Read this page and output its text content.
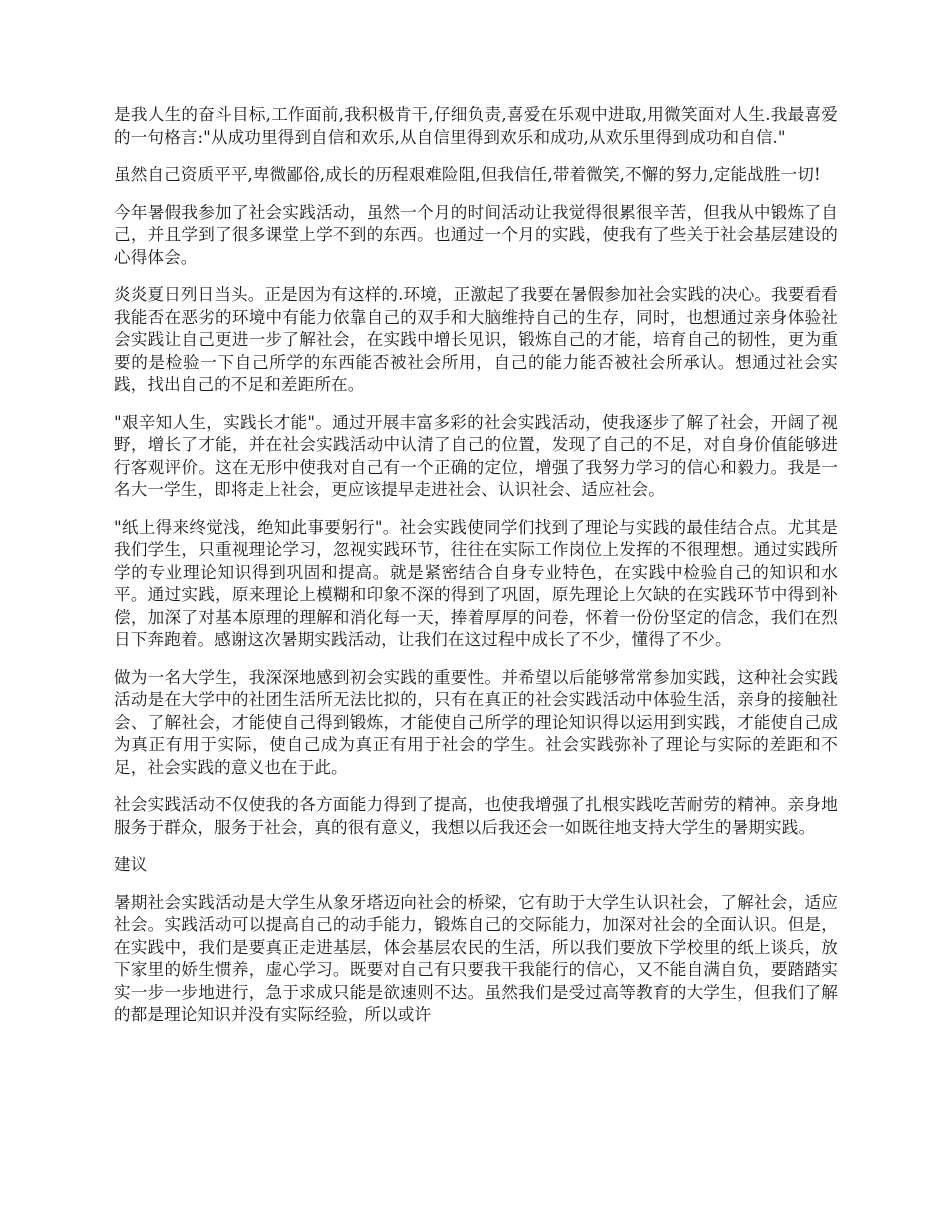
是我人生的奋斗目标,工作面前,我积极肯干,仔细负责,喜爱在乐观中进取,用微笑面对人生.我最喜爱的一句格言:"从成功里得到自信和欢乐,从自信里得到欢乐和成功,从欢乐里得到成功和自信."

虽然自己资质平平,卑微鄙俗,成长的历程艰难险阻,但我信任,带着微笑,不懈的努力,定能战胜一切!

今年暑假我参加了社会实践活动，虽然一个月的时间活动让我觉得很累很辛苦，但我从中锻炼了自己，并且学到了很多课堂上学不到的东西。也通过一个月的实践，使我有了些关于社会基层建设的心得体会。

炎炎夏日列日当头。正是因为有这样的.环境，正激起了我要在暑假参加社会实践的决心。我要看看我能否在恶劣的环境中有能力依靠自己的双手和大脑维持自己的生存，同时，也想通过亲身体验社会实践让自己更进一步了解社会，在实践中增长见识，锻炼自己的才能，培育自己的韧性，更为重要的是检验一下自己所学的东西能否被社会所用，自己的能力能否被社会所承认。想通过社会实践，找出自己的不足和差距所在。

"艰辛知人生，实践长才能"。通过开展丰富多彩的社会实践活动，使我逐步了解了社会，开阔了视野，增长了才能，并在社会实践活动中认清了自己的位置，发现了自己的不足，对自身价值能够进行客观评价。这在无形中使我对自己有一个正确的定位，增强了我努力学习的信心和毅力。我是一名大一学生，即将走上社会，更应该提早走进社会、认识社会、适应社会。

"纸上得来终觉浅，绝知此事要躬行"。社会实践使同学们找到了理论与实践的最佳结合点。尤其是我们学生，只重视理论学习，忽视实践环节，往往在实际工作岗位上发挥的不很理想。通过实践所学的专业理论知识得到巩固和提高。就是紧密结合自身专业特色，在实践中检验自己的知识和水平。通过实践，原来理论上模糊和印象不深的得到了巩固，原先理论上欠缺的在实践环节中得到补偿，加深了对基本原理的理解和消化每一天，捧着厚厚的问卷，怀着一份份坚定的信念，我们在烈日下奔跑着。感谢这次暑期实践活动，让我们在这过程中成长了不少，懂得了不少。

做为一名大学生，我深深地感到初会实践的重要性。并希望以后能够常常参加实践，这种社会实践活动是在大学中的社团生活所无法比拟的，只有在真正的社会实践活动中体验生活，亲身的接触社会、了解社会，才能使自己得到锻炼，才能使自己所学的理论知识得以运用到实践，才能使自己成为真正有用于实际，使自己成为真正有用于社会的学生。社会实践弥补了理论与实际的差距和不足，社会实践的意义也在于此。

社会实践活动不仅使我的各方面能力得到了提高，也使我增强了扎根实践吃苦耐劳的精神。亲身地服务于群众，服务于社会，真的很有意义，我想以后我还会一如既往地支持大学生的暑期实践。

建议

暑期社会实践活动是大学生从象牙塔迈向社会的桥梁，它有助于大学生认识社会，了解社会，适应社会。实践活动可以提高自己的动手能力，锻炼自己的交际能力，加深对社会的全面认识。但是，在实践中，我们是要真正走进基层，体会基层农民的生活，所以我们要放下学校里的纸上谈兵，放下家里的娇生惯养，虚心学习。既要对自己有只要我干我能行的信心，又不能自满自负，要踏踏实实一步一步地进行，急于求成只能是欲速则不达。虽然我们是受过高等教育的大学生，但我们了解的都是理论知识并没有实际经验，所以或许
